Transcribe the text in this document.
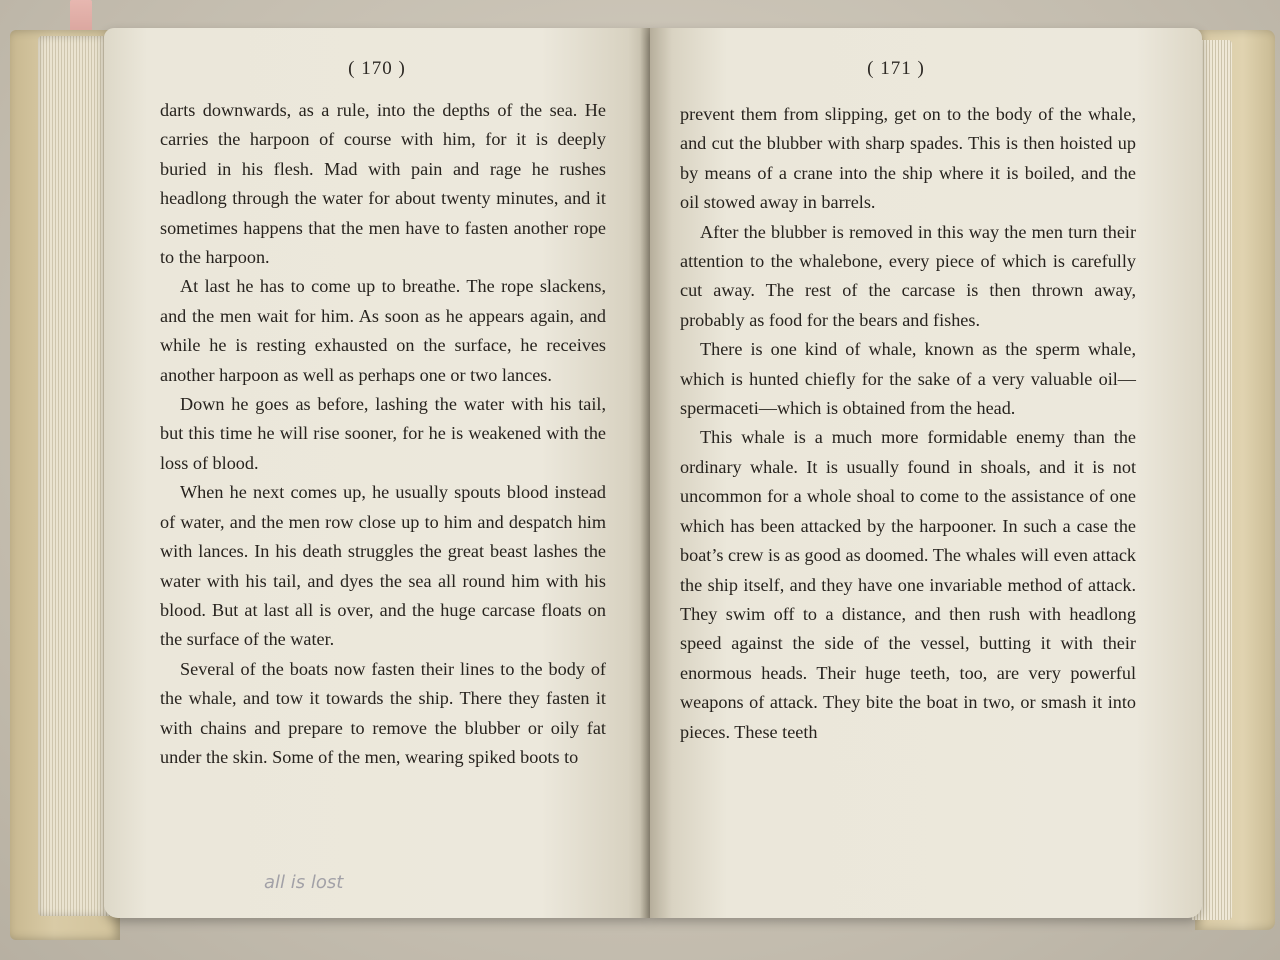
( 170 )

darts downwards, as a rule, into the depths of the sea. He carries the harpoon of course with him, for it is deeply buried in his flesh. Mad with pain and rage he rushes headlong through the water for about twenty minutes, and it sometimes happens that the men have to fasten another rope to the harpoon.

At last he has to come up to breathe. The rope slackens, and the men wait for him. As soon as he appears again, and while he is resting exhausted on the surface, he receives another harpoon as well as perhaps one or two lances.

Down he goes as before, lashing the water with his tail, but this time he will rise sooner, for he is weakened with the loss of blood.

When he next comes up, he usually spouts blood instead of water, and the men row close up to him and despatch him with lances. In his death struggles the great beast lashes the water with his tail, and dyes the sea all round him with his blood. But at last all is over, and the huge carcase floats on the surface of the water.

Several of the boats now fasten their lines to the body of the whale, and tow it towards the ship. There they fasten it with chains and prepare to remove the blubber or oily fat under the skin. Some of the men, wearing spiked boots to

all is lost
( 171 )

prevent them from slipping, get on to the body of the whale, and cut the blubber with sharp spades. This is then hoisted up by means of a crane into the ship where it is boiled, and the oil stowed away in barrels.

After the blubber is removed in this way the men turn their attention to the whalebone, every piece of which is carefully cut away. The rest of the carcase is then thrown away, probably as food for the bears and fishes.

There is one kind of whale, known as the sperm whale, which is hunted chiefly for the sake of a very valuable oil—spermaceti—which is obtained from the head.

This whale is a much more formidable enemy than the ordinary whale. It is usually found in shoals, and it is not uncommon for a whole shoal to come to the assistance of one which has been attacked by the harpooner. In such a case the boat’s crew is as good as doomed. The whales will even attack the ship itself, and they have one invariable method of attack. They swim off to a distance, and then rush with headlong speed against the side of the vessel, butting it with their enormous heads. Their huge teeth, too, are very powerful weapons of attack. They bite the boat in two, or smash it into pieces. These teeth
